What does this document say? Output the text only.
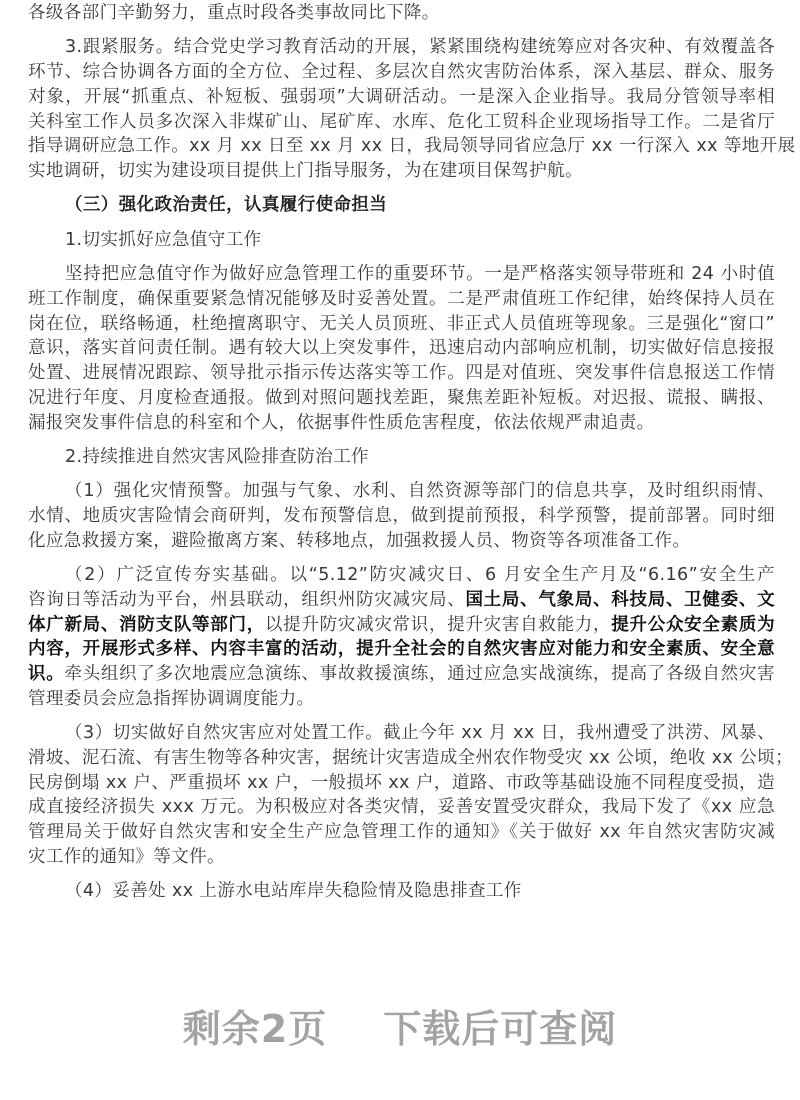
各级各部门辛勤努力，重点时段各类事故同比下降。
3.跟紧服务。结合党史学习教育活动的开展，紧紧围绕构建统筹应对各灾种、有效覆盖各
环节、综合协调各方面的全方位、全过程、多层次自然灾害防治体系，深入基层、群众、服务
对象，开展“抓重点、补短板、强弱项”大调研活动。一是深入企业指导。我局分管领导率相
关科室工作人员多次深入非煤矿山、尾矿库、水库、危化工贸科企业现场指导工作。二是省厅
指导调研应急工作。xx 月 xx 日至 xx 月 xx 日，我局领导同省应急厅 xx 一行深入 xx 等地开展
实地调研，切实为建设项目提供上门指导服务，为在建项目保驾护航。
（三）强化政治责任，认真履行使命担当
1.切实抓好应急值守工作
坚持把应急值守作为做好应急管理工作的重要环节。一是严格落实领导带班和 24 小时值
班工作制度，确保重要紧急情况能够及时妥善处置。二是严肃值班工作纪律，始终保持人员在
岗在位，联络畅通，杜绝擅离职守、无关人员顶班、非正式人员值班等现象。三是强化“窗口”
意识，落实首问责任制。遇有较大以上突发事件，迅速启动内部响应机制，切实做好信息接报
处置、进展情况跟踪、领导批示指示传达落实等工作。四是对值班、突发事件信息报送工作情
况进行年度、月度检查通报。做到对照问题找差距，聚焦差距补短板。对迟报、谎报、瞒报、
漏报突发事件信息的科室和个人，依据事件性质危害程度，依法依规严肃追责。
2.持续推进自然灾害风险排查防治工作
（1）强化灾情预警。加强与气象、水利、自然资源等部门的信息共享，及时组织雨情、
水情、地质灾害险情会商研判，发布预警信息，做到提前预报，科学预警，提前部署。同时细
化应急救援方案，避险撤离方案、转移地点，加强救援人员、物资等各项准备工作。
（2）广泛宣传夯实基础。以“5.12”防灾减灾日、6 月安全生产月及“6.16”安全生产
咨询日等活动为平台，州县联动，组织州防灾减灾局、国土局、气象局、科技局、卫健委、文
体广新局、消防支队等部门，以提升防灾减灾常识，提升灾害自救能力，提升公众安全素质为
内容，开展形式多样、内容丰富的活动，提升全社会的自然灾害应对能力和安全素质、安全意
识。牵头组织了多次地震应急演练、事故救援演练，通过应急实战演练，提高了各级自然灾害
管理委员会应急指挥协调调度能力。
（3）切实做好自然灾害应对处置工作。截止今年 xx 月 xx 日，我州遭受了洪涝、风暴、
滑坡、泥石流、有害生物等各种灾害，据统计灾害造成全州农作物受灾 xx 公顷，绝收 xx 公顷；
民房倒塌 xx 户、严重损坏 xx 户，一般损坏 xx 户，道路、市政等基础设施不同程度受损，造
成直接经济损失 xxx 万元。为积极应对各类灾情，妥善安置受灾群众，我局下发了《xx 应急
管理局关于做好自然灾害和安全生产应急管理工作的通知》《关于做好 xx 年自然灾害防灾减
灾工作的通知》等文件。
（4）妥善处 xx 上游水电站库岸失稳险情及隐患排查工作
剩余2页 下载后可查阅
